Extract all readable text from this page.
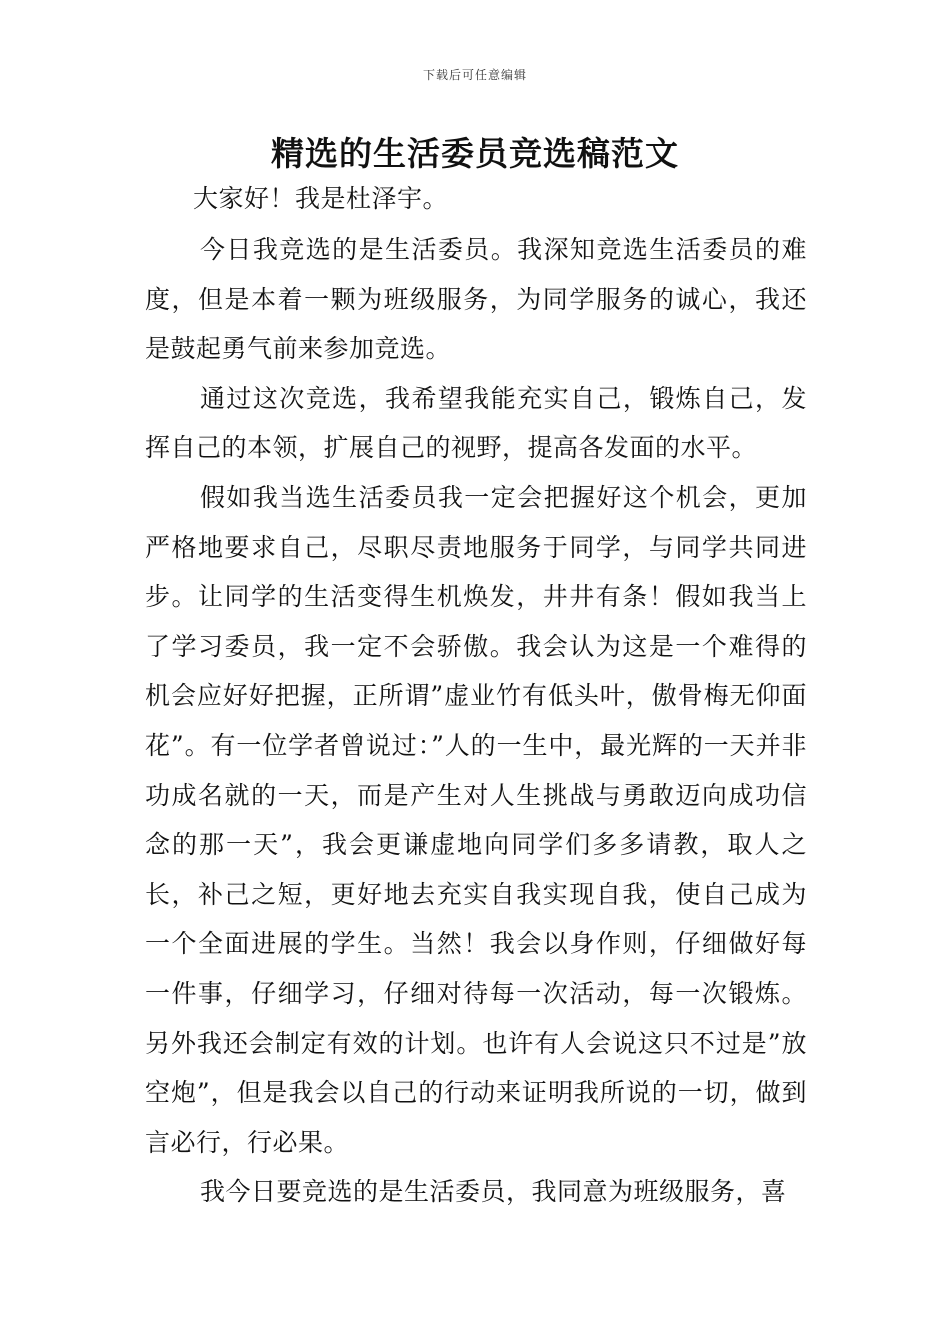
下载后可任意编辑
精选的生活委员竞选稿范文

大家好！我是杜泽宇。

今日我竞选的是生活委员。我深知竞选生活委员的难度，但是本着一颗为班级服务，为同学服务的诚心，我还是鼓起勇气前来参加竞选。

通过这次竞选，我希望我能充实自己，锻炼自己，发挥自己的本领，扩展自己的视野，提高各发面的水平。

假如我当选生活委员我一定会把握好这个机会，更加严格地要求自己，尽职尽责地服务于同学，与同学共同进步。让同学的生活变得生机焕发，井井有条！假如我当上了学习委员，我一定不会骄傲。我会认为这是一个难得的机会应好好把握，正所谓”虚业竹有低头叶，傲骨梅无仰面花”。有一位学者曾说过：”人的一生中，最光辉的一天并非功成名就的一天，而是产生对人生挑战与勇敢迈向成功信念的那一天”，我会更谦虚地向同学们多多请教，取人之长，补己之短，更好地去充实自我实现自我，使自己成为一个全面进展的学生。当然！我会以身作则，仔细做好每一件事，仔细学习，仔细对待每一次活动，每一次锻炼。另外我还会制定有效的计划。也许有人会说这只不过是”放空炮”，但是我会以自己的行动来证明我所说的一切，做到言必行，行必果。

我今日要竞选的是生活委员，我同意为班级服务，喜
